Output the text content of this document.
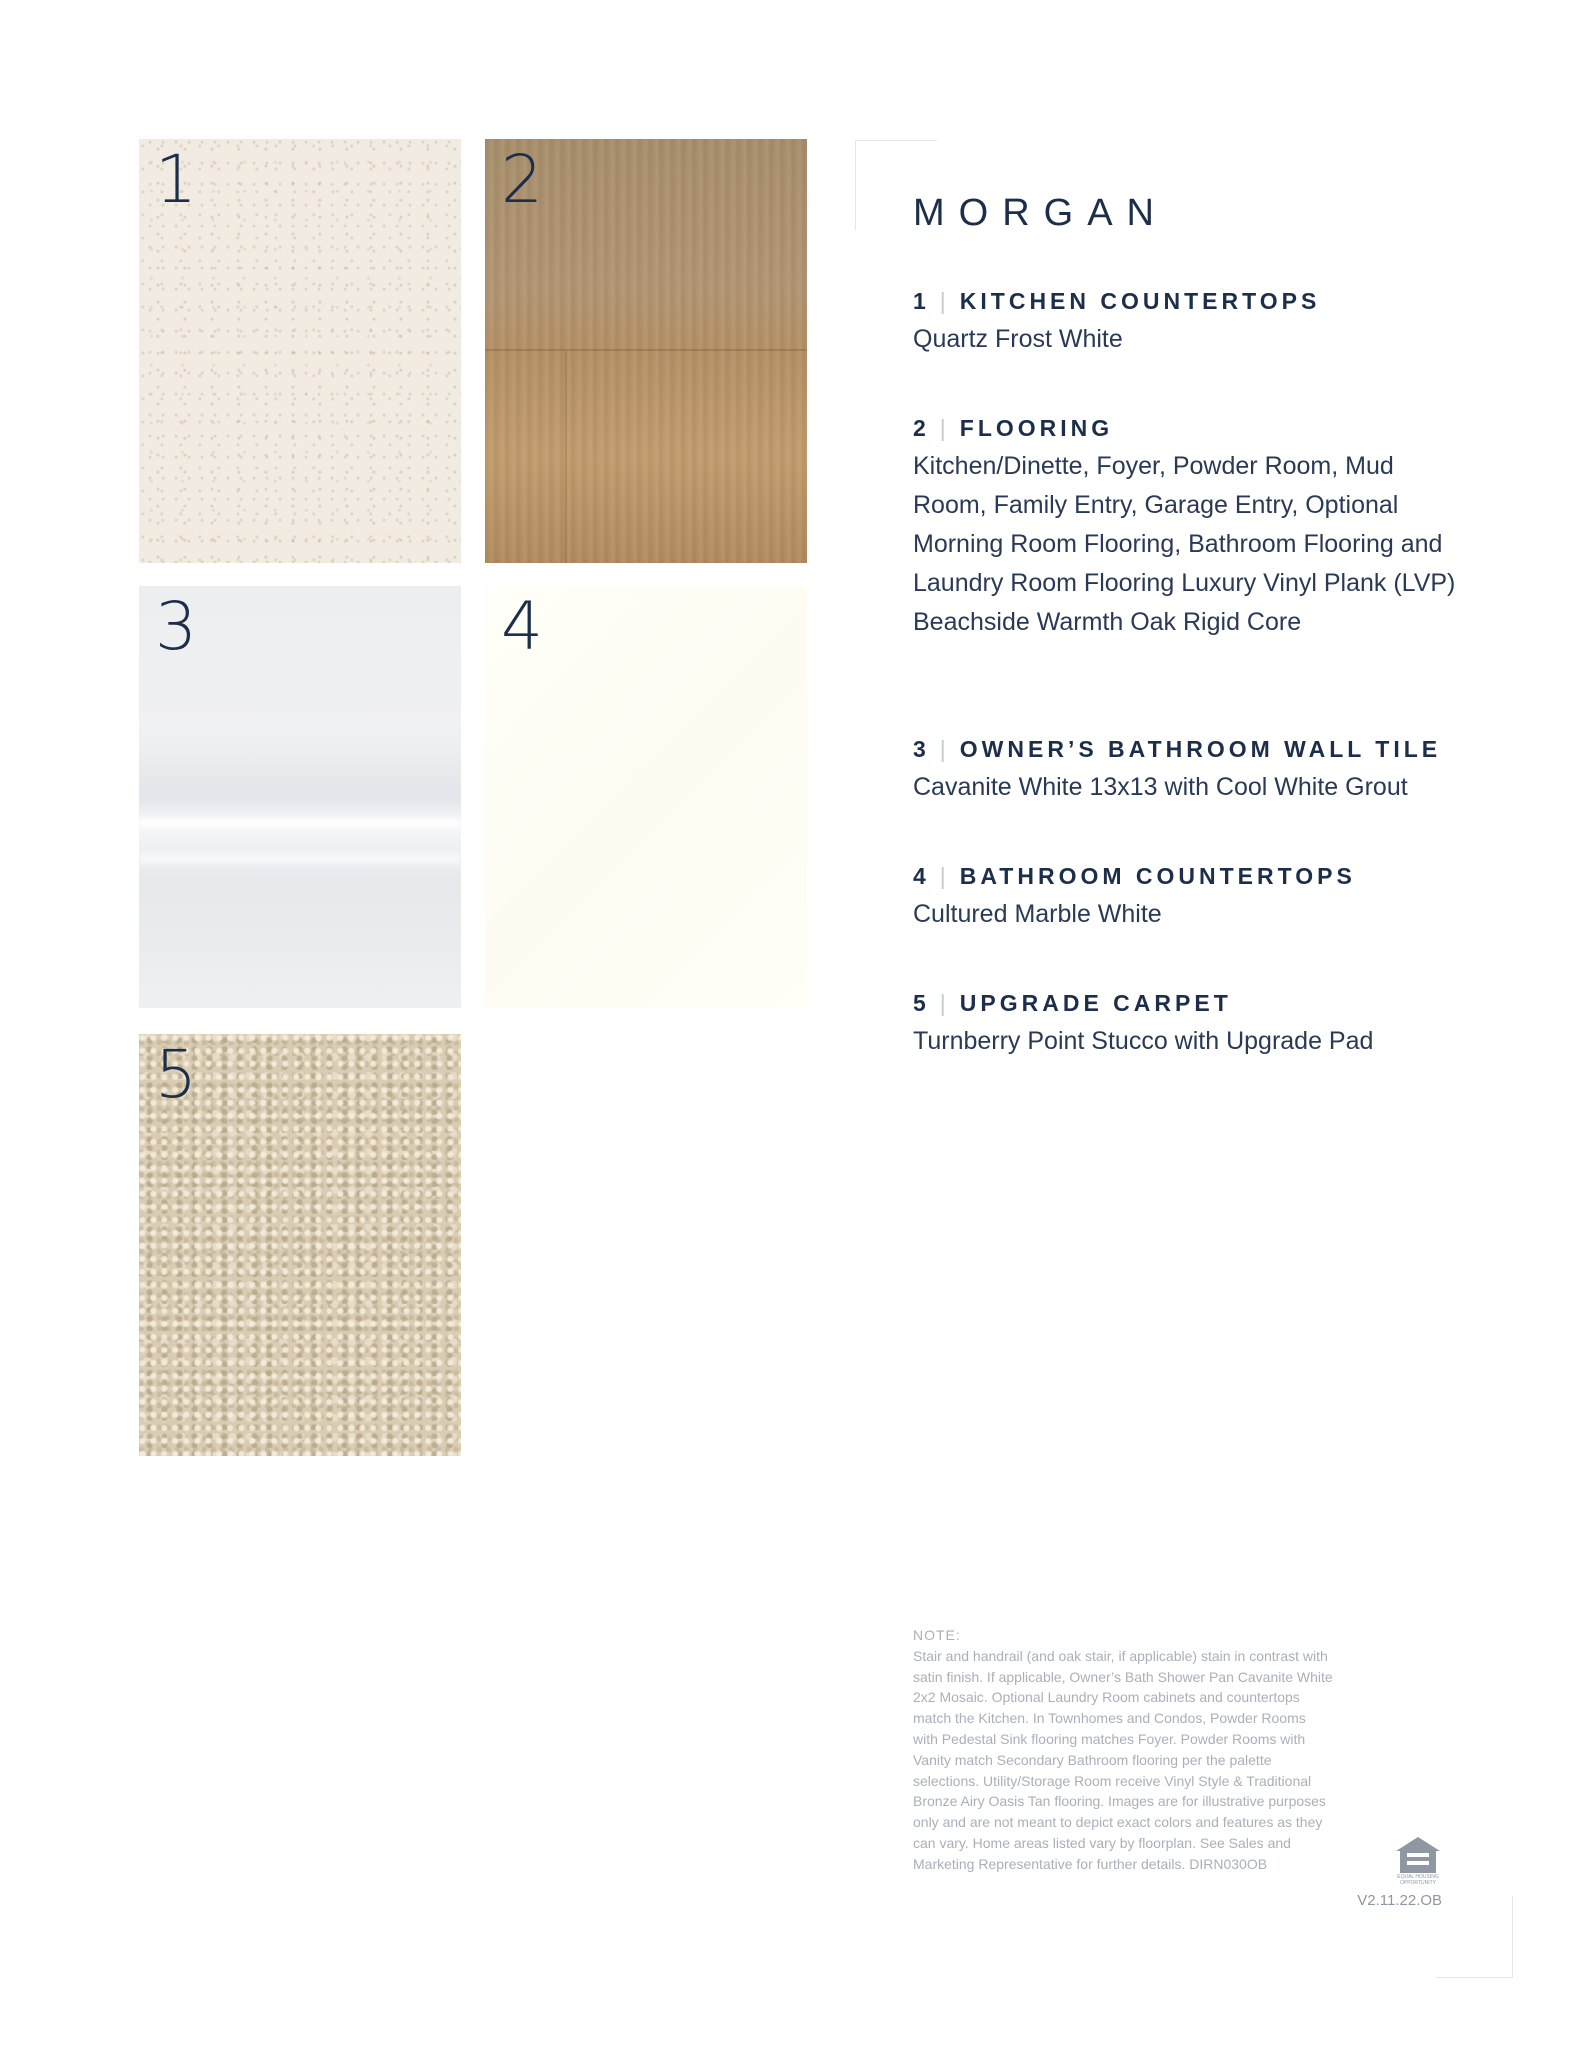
1	2
3	4
5
MORGAN
1 | KITCHEN COUNTERTOPS
Quartz Frost White
2 | FLOORING
Kitchen/Dinette, Foyer, Powder Room, Mud Room, Family Entry, Garage Entry, Optional Morning Room Flooring, Bathroom Flooring and Laundry Room Flooring Luxury Vinyl Plank (LVP) Beachside Warmth Oak Rigid Core
3 | OWNER’S BATHROOM WALL TILE
Cavanite White 13x13 with Cool White Grout
4 | BATHROOM COUNTERTOPS
Cultured Marble White
5 | UPGRADE CARPET
Turnberry Point Stucco with Upgrade Pad
NOTE:
Stair and handrail (and oak stair, if applicable) stain in contrast with satin finish. If applicable, Owner’s Bath Shower Pan Cavanite White 2x2 Mosaic. Optional Laundry Room cabinets and countertops match the Kitchen. In Townhomes and Condos, Powder Rooms with Pedestal Sink flooring matches Foyer. Powder Rooms with Vanity match Secondary Bathroom flooring per the palette selections. Utility/Storage Room receive Vinyl Style & Traditional Bronze Airy Oasis Tan flooring. Images are for illustrative purposes only and are not meant to depict exact colors and features as they can vary. Home areas listed vary by floorplan. See Sales and Marketing Representative for further details. DIRN030OB
EQUAL HOUSING OPPORTUNITY
V2.11.22.OB
